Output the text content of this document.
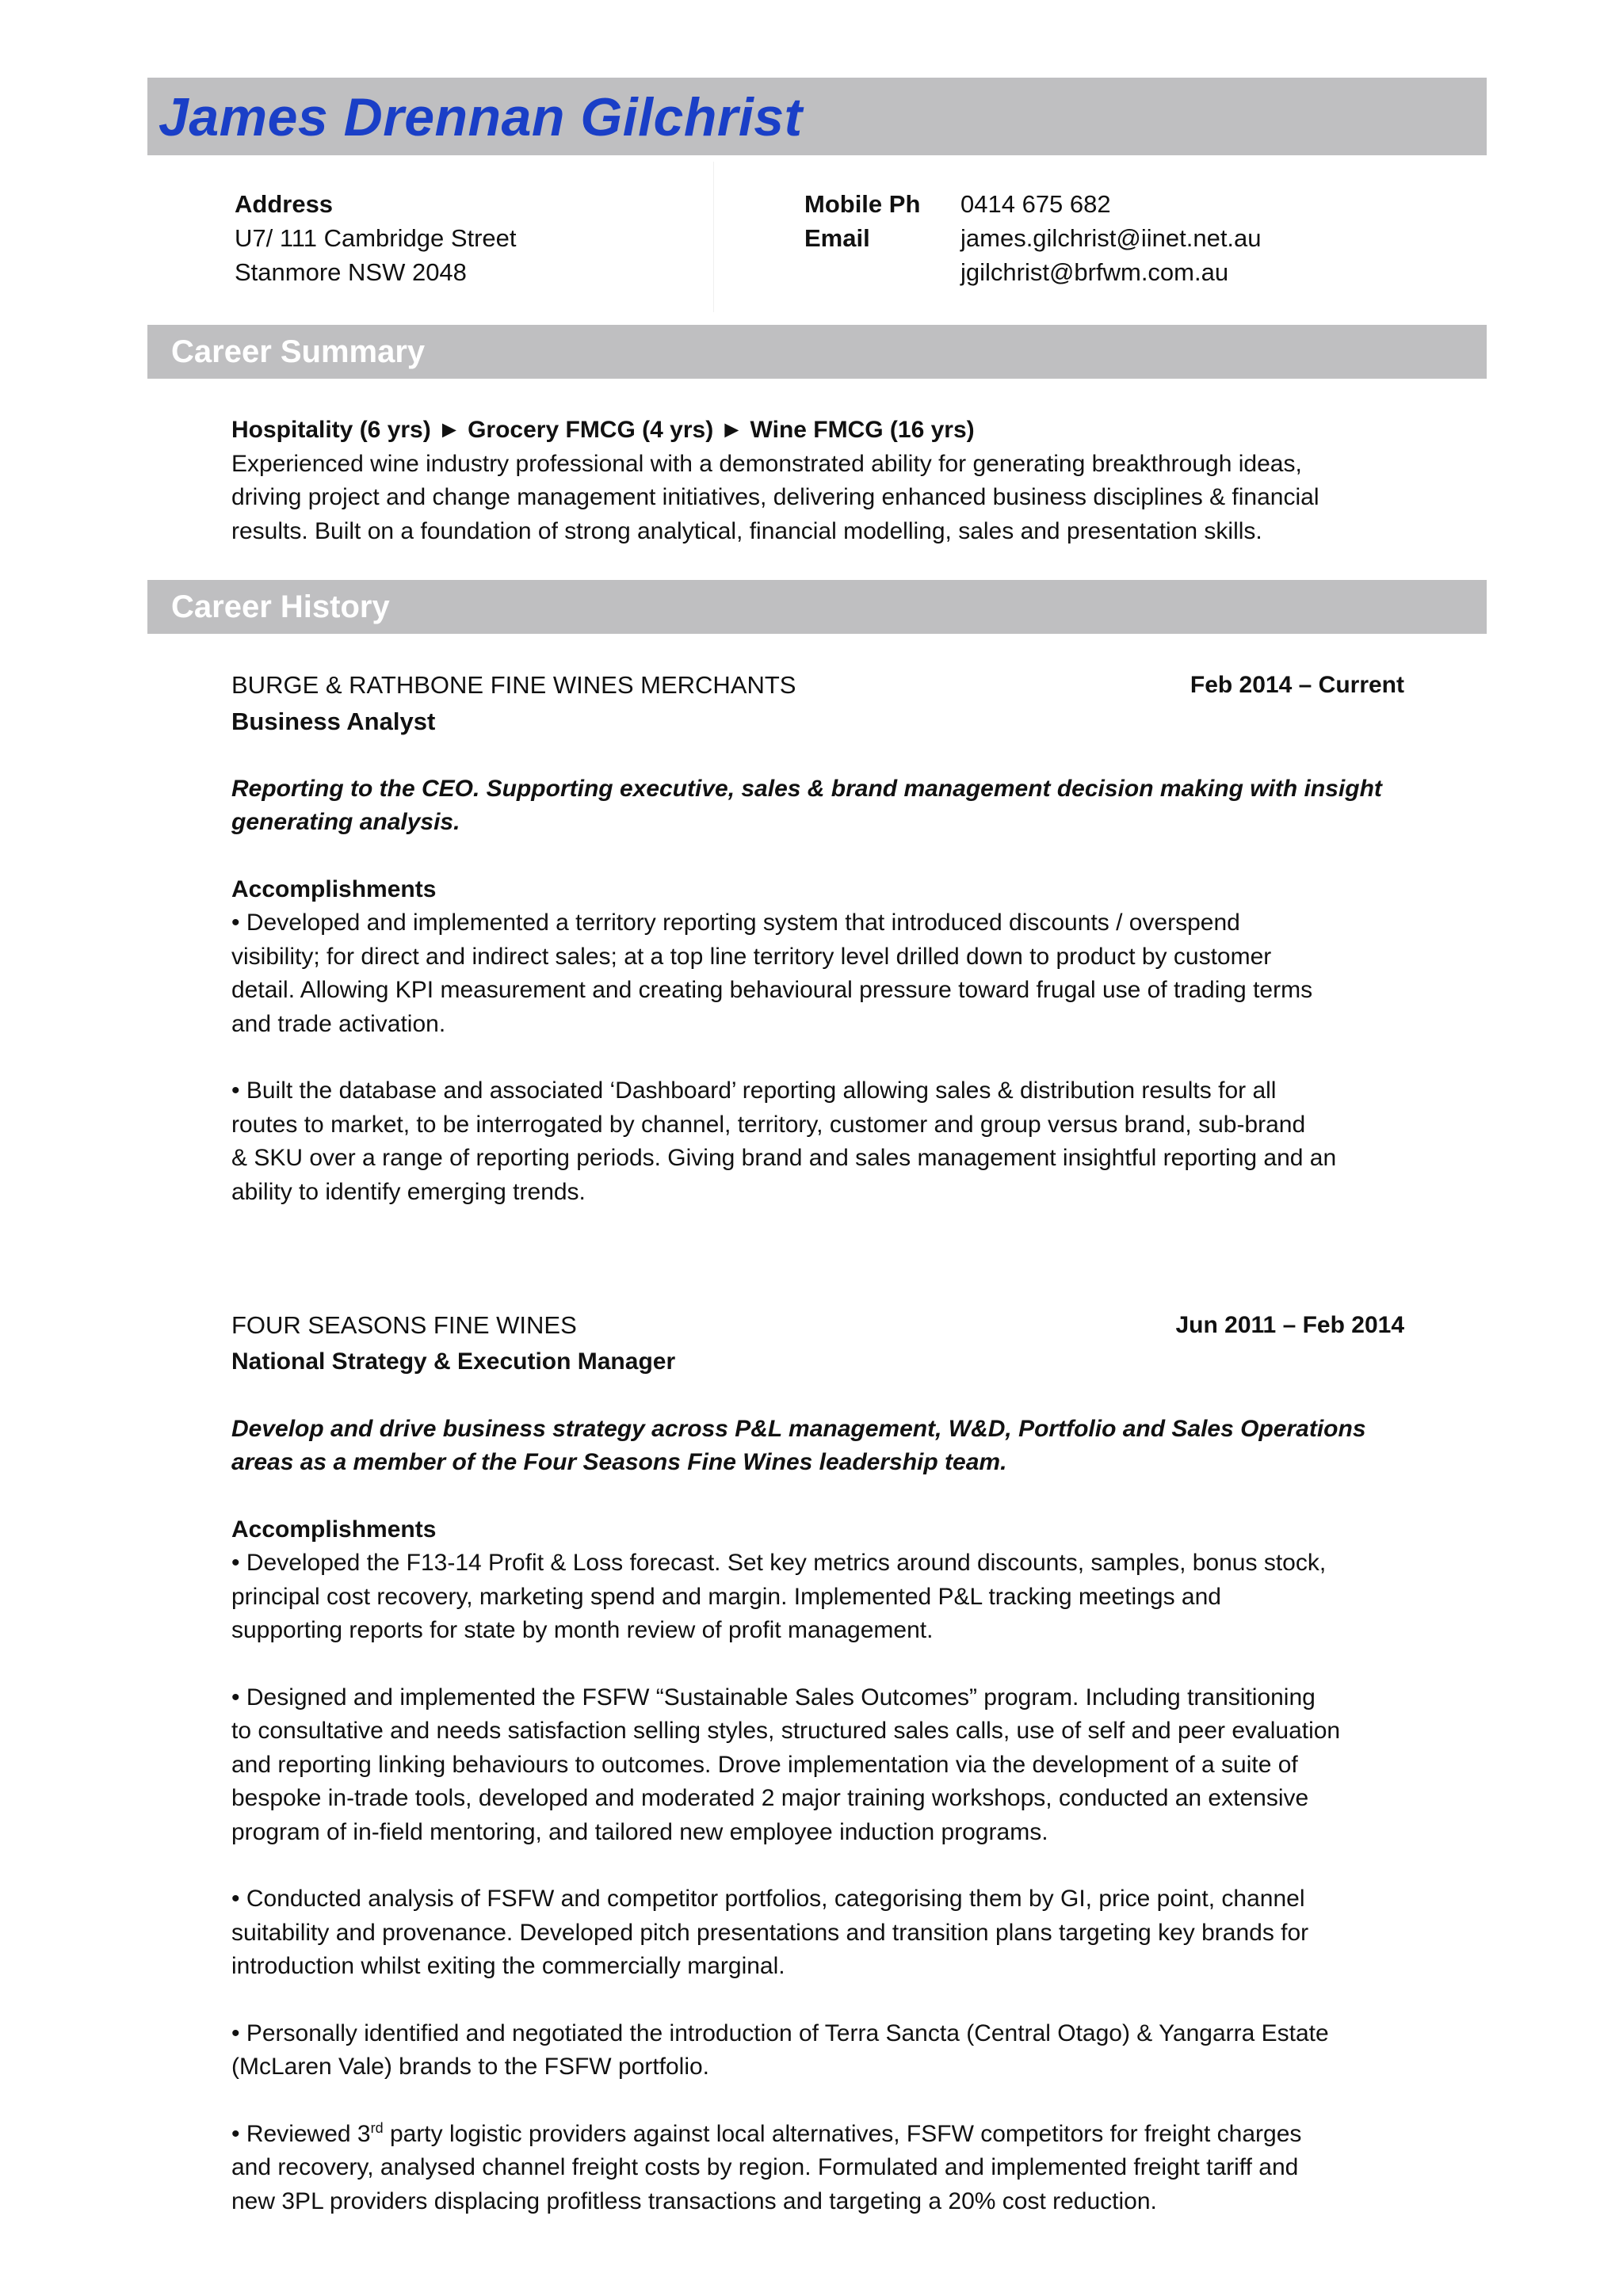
James Drennan Gilchrist
Address
U7/ 111 Cambridge Street
Stanmore NSW 2048
Mobile Ph
Email
0414 675 682
james.gilchrist@iinet.net.au
jgilchrist@brfwm.com.au
Career Summary
Hospitality (6 yrs) ► Grocery FMCG (4 yrs) ► Wine FMCG (16 yrs)
Experienced wine industry professional with a demonstrated ability for generating breakthrough ideas,
driving project and change management initiatives, delivering enhanced business disciplines & financial
results. Built on a foundation of strong analytical, financial modelling, sales and presentation skills.
Career History
BURGE & RATHBONE FINE WINES MERCHANTS	Feb 2014 – Current
Business Analyst
Reporting to the CEO. Supporting executive, sales & brand management decision making with insight
generating analysis.
Accomplishments
• Developed and implemented a territory reporting system that introduced discounts / overspend
visibility; for direct and indirect sales; at a top line territory level drilled down to product by customer
detail. Allowing KPI measurement and creating behavioural pressure toward frugal use of trading terms
and trade activation.
• Built the database and associated ‘Dashboard’ reporting allowing sales & distribution results for all
routes to market, to be interrogated by channel, territory, customer and group versus brand, sub-brand
& SKU over a range of reporting periods. Giving brand and sales management insightful reporting and an
ability to identify emerging trends.
FOUR SEASONS FINE WINES	Jun 2011 – Feb 2014
National Strategy & Execution Manager
Develop and drive business strategy across P&L management, W&D, Portfolio and Sales Operations
areas as a member of the Four Seasons Fine Wines leadership team.
Accomplishments
• Developed the F13-14 Profit & Loss forecast. Set key metrics around discounts, samples, bonus stock,
principal cost recovery, marketing spend and margin. Implemented P&L tracking meetings and
supporting reports for state by month review of profit management.
• Designed and implemented the FSFW “Sustainable Sales Outcomes” program. Including transitioning
to consultative and needs satisfaction selling styles, structured sales calls, use of self and peer evaluation
and reporting linking behaviours to outcomes. Drove implementation via the development of a suite of
bespoke in-trade tools, developed and moderated 2 major training workshops, conducted an extensive
program of in-field mentoring, and tailored new employee induction programs.
• Conducted analysis of FSFW and competitor portfolios, categorising them by GI, price point, channel
suitability and provenance. Developed pitch presentations and transition plans targeting key brands for
introduction whilst exiting the commercially marginal.
• Personally identified and negotiated the introduction of Terra Sancta (Central Otago) & Yangarra Estate
(McLaren Vale) brands to the FSFW portfolio.
• Reviewed 3rd party logistic providers against local alternatives, FSFW competitors for freight charges
and recovery, analysed channel freight costs by region. Formulated and implemented freight tariff and
new 3PL providers displacing profitless transactions and targeting a 20% cost reduction.
